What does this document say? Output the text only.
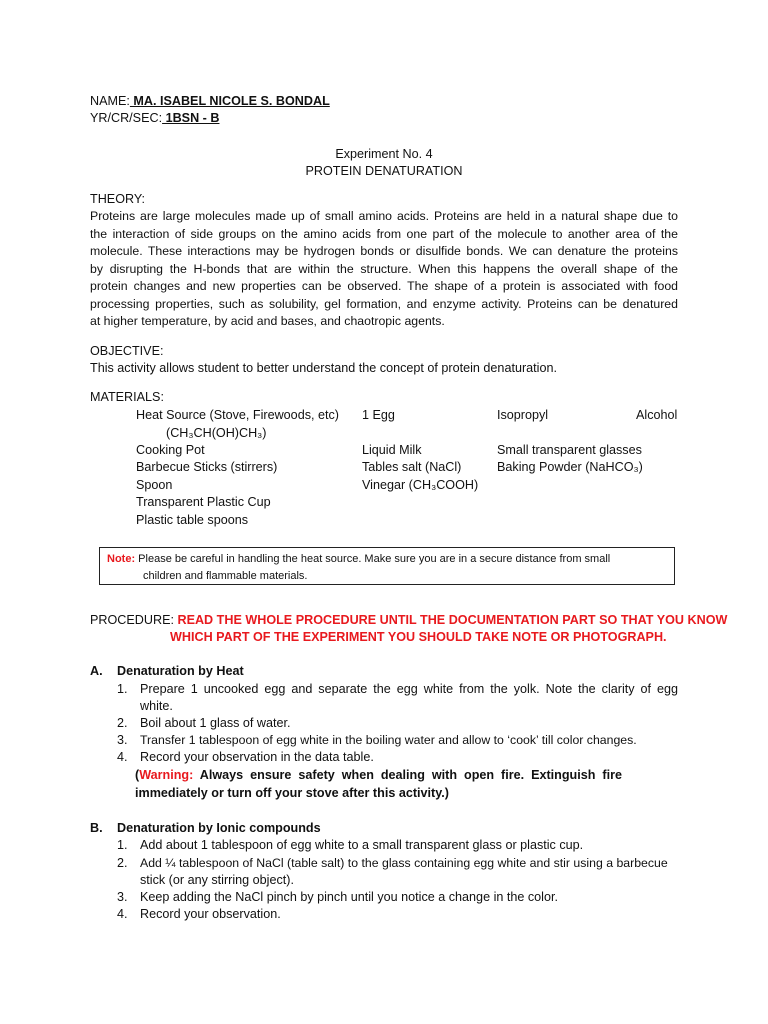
NAME: MA. ISABEL NICOLE S. BONDAL
YR/CR/SEC: 1BSN - B
Experiment No. 4
PROTEIN DENATURATION
THEORY:
Proteins are large molecules made up of small amino acids. Proteins are held in a natural shape due to
the interaction of side groups on the amino acids from one part of the molecule to another area of the
molecule. These interactions may be hydrogen bonds or disulfide bonds. We can denature the proteins
by disrupting the H-bonds that are within the structure. When this happens the overall shape of the
protein changes and new properties can be observed. The shape of a protein is associated with food
processing properties, such as solubility, gel formation, and enzyme activity. Proteins can be denatured
at higher temperature, by acid and bases, and chaotropic agents.
OBJECTIVE:
This activity allows student to better understand the concept of protein denaturation.
MATERIALS:
Heat Source (Stove, Firewoods, etc)
(CH₃CH(OH)CH₃)
Cooking Pot
Barbecue Sticks (stirrers)
Spoon
Transparent Plastic Cup
Plastic table spoons
1 Egg
Liquid Milk
Tables salt (NaCl)
Vinegar (CH₃COOH)
Isopropyl	Alcohol
Small transparent glasses
Baking Powder (NaHCO₃)
Note: Please be careful in handling the heat source. Make sure you are in a secure distance from small
children and flammable materials.
PROCEDURE: READ THE WHOLE PROCEDURE UNTIL THE DOCUMENTATION PART SO THAT YOU KNOW
WHICH PART OF THE EXPERIMENT YOU SHOULD TAKE NOTE OR PHOTOGRAPH.
A. Denaturation by Heat
1. Prepare 1 uncooked egg and separate the egg white from the yolk. Note the clarity of egg
white.
2. Boil about 1 glass of water.
3. Transfer 1 tablespoon of egg white in the boiling water and allow to ‘cook’ till color changes.
4. Record your observation in the data table.
(Warning: Always ensure safety when dealing with open fire. Extinguish fire
immediately or turn off your stove after this activity.)
B. Denaturation by Ionic compounds
1. Add about 1 tablespoon of egg white to a small transparent glass or plastic cup.
2. Add ¼ tablespoon of NaCl (table salt) to the glass containing egg white and stir using a barbecue
stick (or any stirring object).
3. Keep adding the NaCl pinch by pinch until you notice a change in the color.
4. Record your observation.
